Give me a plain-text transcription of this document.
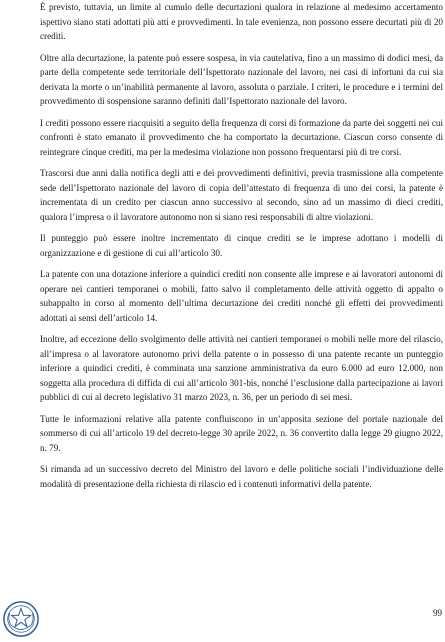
È previsto, tuttavia, un limite al cumulo delle decurtazioni qualora in relazione al medesimo accertamento ispettivo siano stati adottati più atti e provvedimenti. In tale evenienza, non possono essere decurtati più di 20 crediti.

Oltre alla decurtazione, la patente può essere sospesa, in via cautelativa, fino a un massimo di dodici mesi, da parte della competente sede territoriale dell’Ispettorato nazionale del lavoro, nei casi di infortuni da cui sia derivata la morte o un’inabilità permanente al lavoro, assoluta o parziale. I criteri, le procedure e i termini del provvedimento di sospensione saranno definiti dall’Ispettorato nazionale del lavoro.

I crediti possono essere riacquisiti a seguito della frequenza di corsi di formazione da parte dei soggetti nei cui confronti è stato emanato il provvedimento che ha comportato la decurtazione. Ciascun corso consente di reintegrare cinque crediti, ma per la medesima violazione non possono frequentarsi più di tre corsi.

Trascorsi due anni dalla notifica degli atti e dei provvedimenti definitivi, previa trasmissione alla competente sede dell’Ispettorato nazionale del lavoro di copia dell’attestato di frequenza di uno dei corsi, la patente è incrementata di un credito per ciascun anno successivo al secondo, sino ad un massimo di dieci crediti, qualora l’impresa o il lavoratore autonomo non si siano resi responsabili di altre violazioni.

Il punteggio può essere inoltre incrementato di cinque crediti se le imprese adottano i modelli di organizzazione e di gestione di cui all’articolo 30.

La patente con una dotazione inferiore a quindici crediti non consente alle imprese e ai lavoratori autonomi di operare nei cantieri temporanei o mobili, fatto salvo il completamento delle attività oggetto di appalto o subappalto in corso al momento dell’ultima decurtazione dei crediti nonché gli effetti dei provvedimenti adottati ai sensi dell’articolo 14.

Inoltre, ad eccezione dello svolgimento delle attività nei cantieri temporanei o mobili nelle more del rilascio, all’impresa o al lavoratore autonomo privi della patente o in possesso di una patente recante un punteggio inferiore a quindici crediti, è comminata una sanzione amministrativa da euro 6.000 ad euro 12.000, non soggetta alla procedura di diffida di cui all’articolo 301-bis, nonché l’esclusione dalla partecipazione ai lavori pubblici di cui al decreto legislativo 31 marzo 2023, n. 36, per un periodo di sei mesi.

Tutte le informazioni relative alla patente confluiscono in un’apposita sezione del portale nazionale del sommerso di cui all’articolo 19 del decreto-legge 30 aprile 2022, n. 36 convertito dalla legge 29 giugno 2022, n. 79.

Si rimanda ad un successivo decreto del Ministro del lavoro e delle politiche sociali l’individuazione delle modalità di presentazione della richiesta di rilascio ed i contenuti informativi della patente.

99
